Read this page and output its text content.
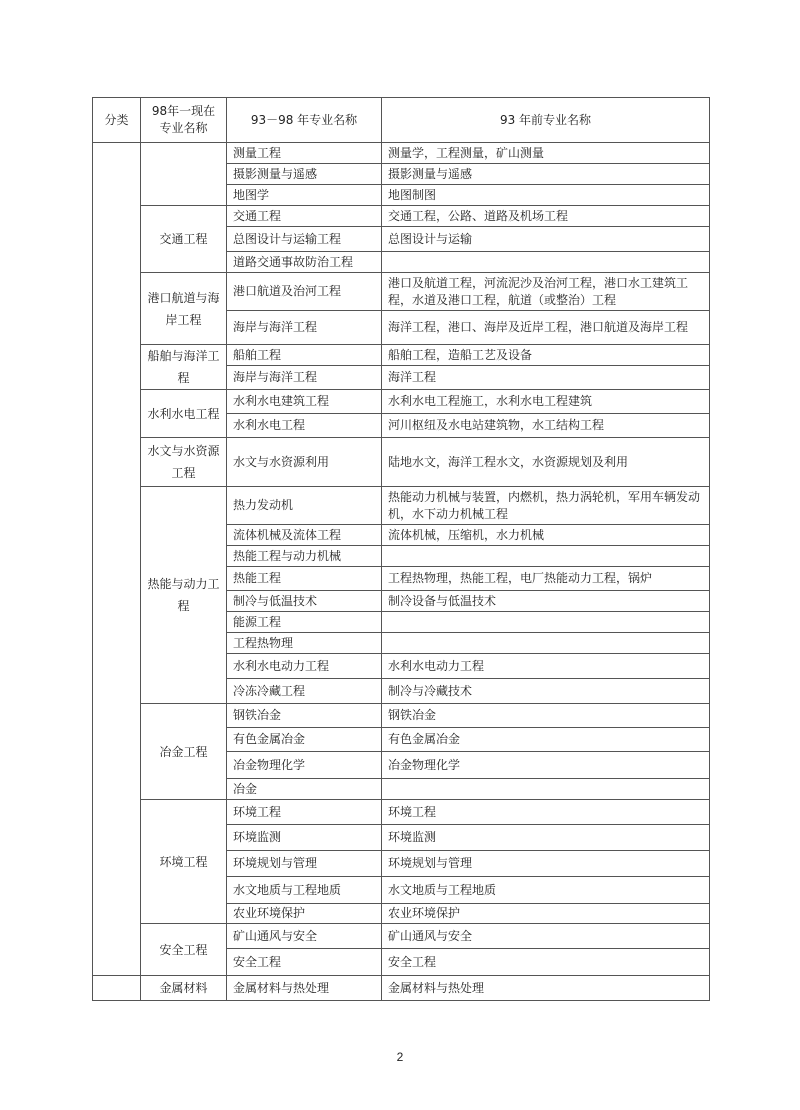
分类	98年一现在专业名称	93－98 年专业名称	93 年前专业名称
		测量工程	测量学，工程测量，矿山测量
		摄影测量与遥感	摄影测量与遥感
		地图学	地图制图
	交通工程	交通工程	交通工程，公路、道路及机场工程
		总图设计与运输工程	总图设计与运输
		道路交通事故防治工程	
	港口航道与海岸工程	港口航道及治河工程	港口及航道工程，河流泥沙及治河工程，港口水工建筑工程，水道及港口工程，航道（或整治）工程
		海岸与海洋工程	海洋工程，港口、海岸及近岸工程，港口航道及海岸工程
	船舶与海洋工程	船舶工程	船舶工程，造船工艺及设备
		海岸与海洋工程	海洋工程
	水利水电工程	水利水电建筑工程	水利水电工程施工，水利水电工程建筑
		水利水电工程	河川枢纽及水电站建筑物，水工结构工程
	水文与水资源工程	水文与水资源利用	陆地水文，海洋工程水文，水资源规划及利用
	热能与动力工程	热力发动机	热能动力机械与装置，内燃机，热力涡轮机，军用车辆发动机，水下动力机械工程
		流体机械及流体工程	流体机械，压缩机，水力机械
		热能工程与动力机械	
		热能工程	工程热物理，热能工程，电厂热能动力工程，锅炉
		制冷与低温技术	制冷设备与低温技术
		能源工程	
		工程热物理	
		水利水电动力工程	水利水电动力工程
		冷冻冷藏工程	制冷与冷藏技术
	冶金工程	钢铁冶金	钢铁冶金
		有色金属冶金	有色金属冶金
		冶金物理化学	冶金物理化学
		冶金	
	环境工程	环境工程	环境工程
		环境监测	环境监测
		环境规划与管理	环境规划与管理
		水文地质与工程地质	水文地质与工程地质
		农业环境保护	农业环境保护
	安全工程	矿山通风与安全	矿山通风与安全
		安全工程	安全工程
	金属材料	金属材料与热处理	金属材料与热处理
2
